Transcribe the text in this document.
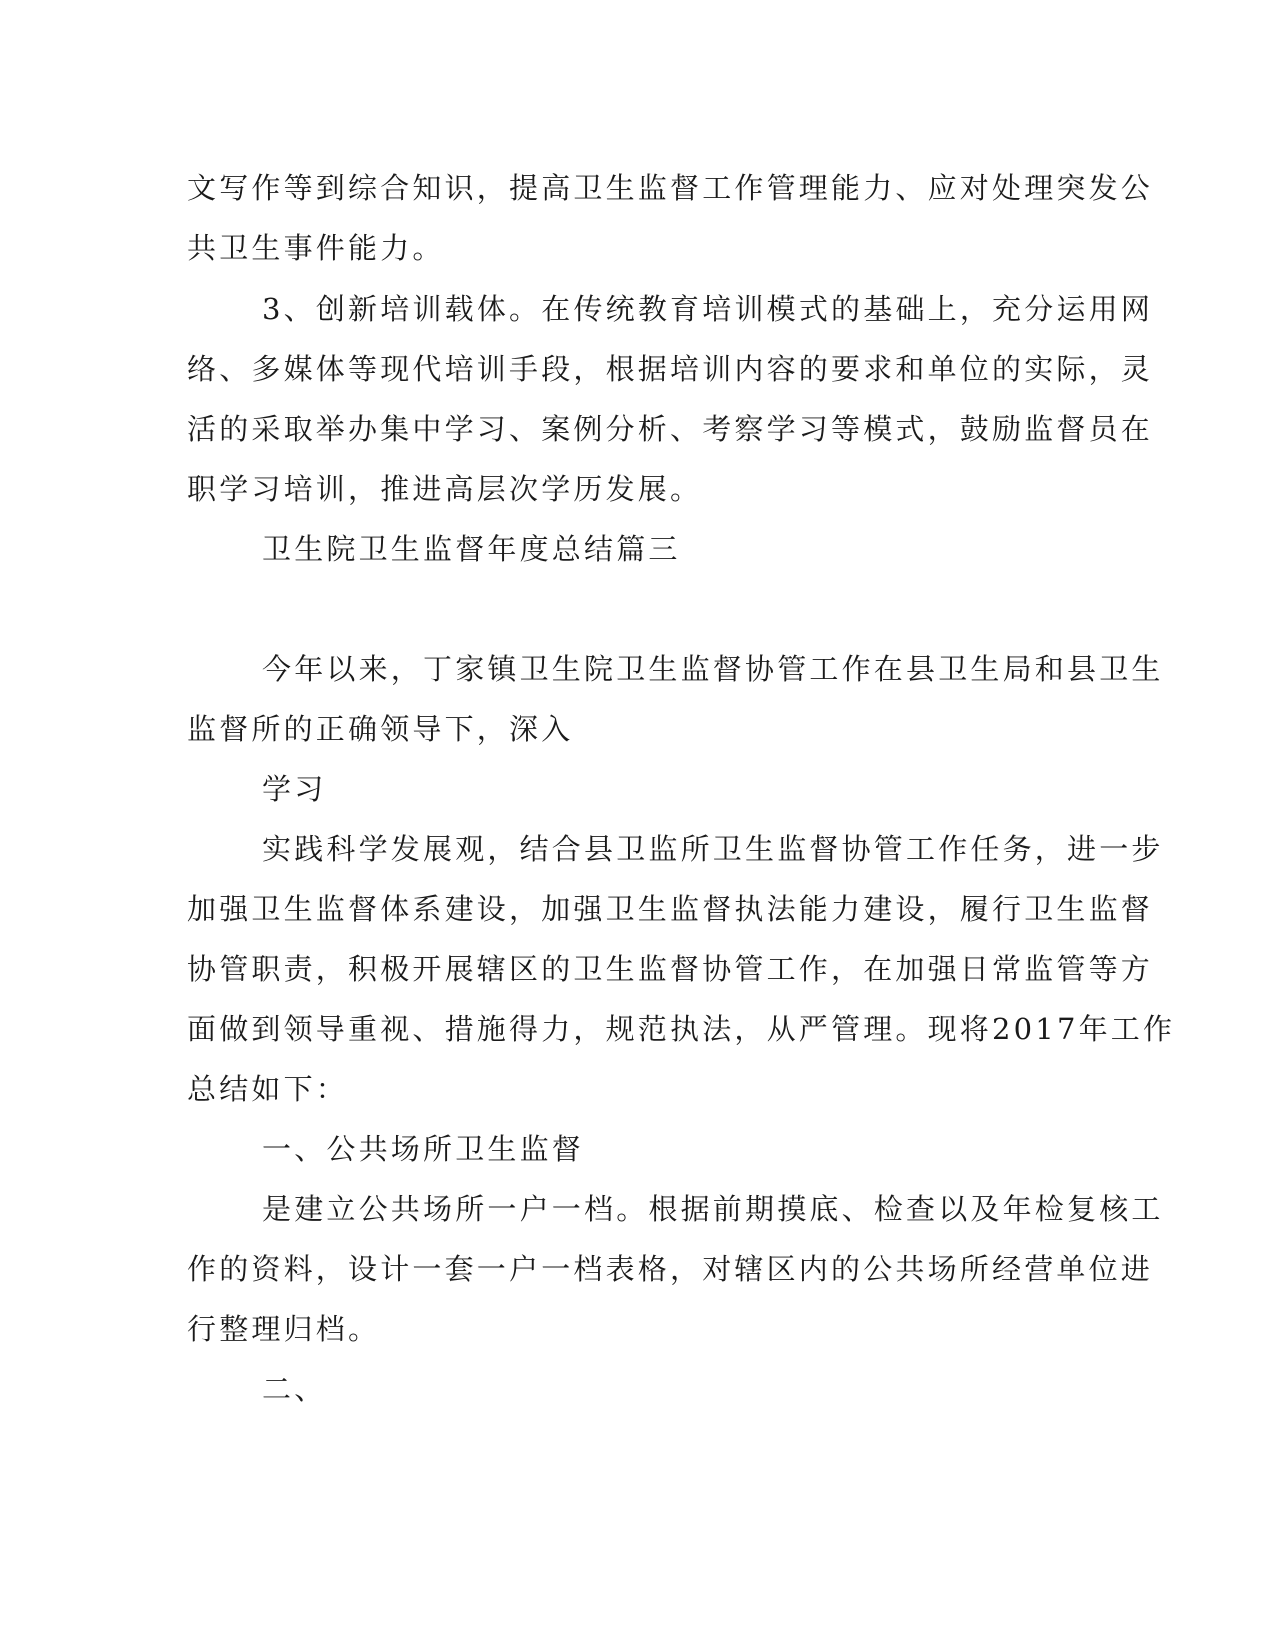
文写作等到综合知识，提高卫生监督工作管理能力、应对处理突发公

共卫生事件能力。

3、创新培训载体。在传统教育培训模式的基础上，充分运用网

络、多媒体等现代培训手段，根据培训内容的要求和单位的实际，灵

活的采取举办集中学习、案例分析、考察学习等模式，鼓励监督员在

职学习培训，推进高层次学历发展。

卫生院卫生监督年度总结篇三

今年以来，丁家镇卫生院卫生监督协管工作在县卫生局和县卫生

监督所的正确领导下，深入

学习

实践科学发展观，结合县卫监所卫生监督协管工作任务，进一步

加强卫生监督体系建设，加强卫生监督执法能力建设，履行卫生监督

协管职责，积极开展辖区的卫生监督协管工作，在加强日常监管等方

面做到领导重视、措施得力，规范执法，从严管理。现将2017年工作

总结如下：

一、公共场所卫生监督

是建立公共场所一户一档。根据前期摸底、检查以及年检复核工

作的资料，设计一套一户一档表格，对辖区内的公共场所经营单位进

行整理归档。

二、
